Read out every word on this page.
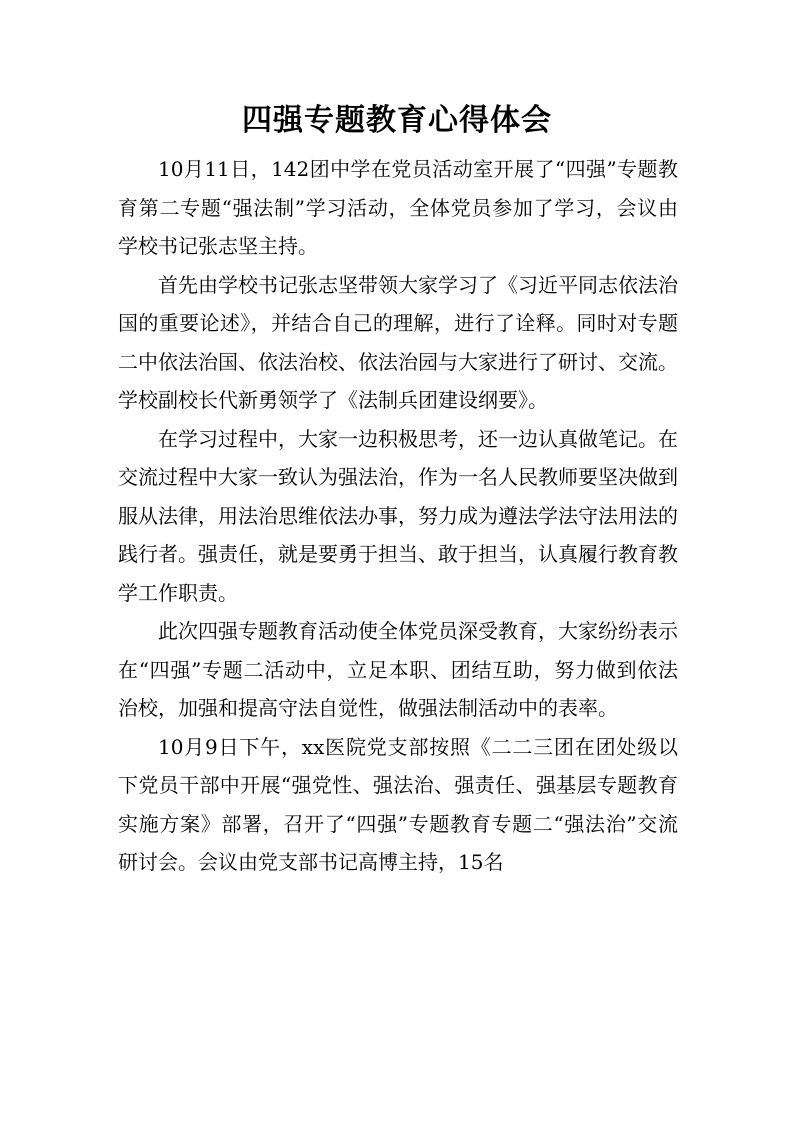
四强专题教育心得体会

10月11日，142团中学在党员活动室开展了“四强”专题教育第二专题“强法制”学习活动，全体党员参加了学习，会议由学校书记张志坚主持。

首先由学校书记张志坚带领大家学习了《习近平同志依法治国的重要论述》，并结合自己的理解，进行了诠释。同时对专题二中依法治国、依法治校、依法治园与大家进行了研讨、交流。学校副校长代新勇领学了《法制兵团建设纲要》。

在学习过程中，大家一边积极思考，还一边认真做笔记。在交流过程中大家一致认为强法治，作为一名人民教师要坚决做到服从法律，用法治思维依法办事，努力成为遵法学法守法用法的践行者。强责任，就是要勇于担当、敢于担当，认真履行教育教学工作职责。

此次四强专题教育活动使全体党员深受教育，大家纷纷表示在“四强”专题二活动中，立足本职、团结互助，努力做到依法治校，加强和提高守法自觉性，做强法制活动中的表率。

10月9日下午，xx医院党支部按照《二二三团在团处级以下党员干部中开展“强党性、强法治、强责任、强基层专题教育实施方案》部署，召开了“四强”专题教育专题二“强法治”交流研讨会。会议由党支部书记高博主持，15名
